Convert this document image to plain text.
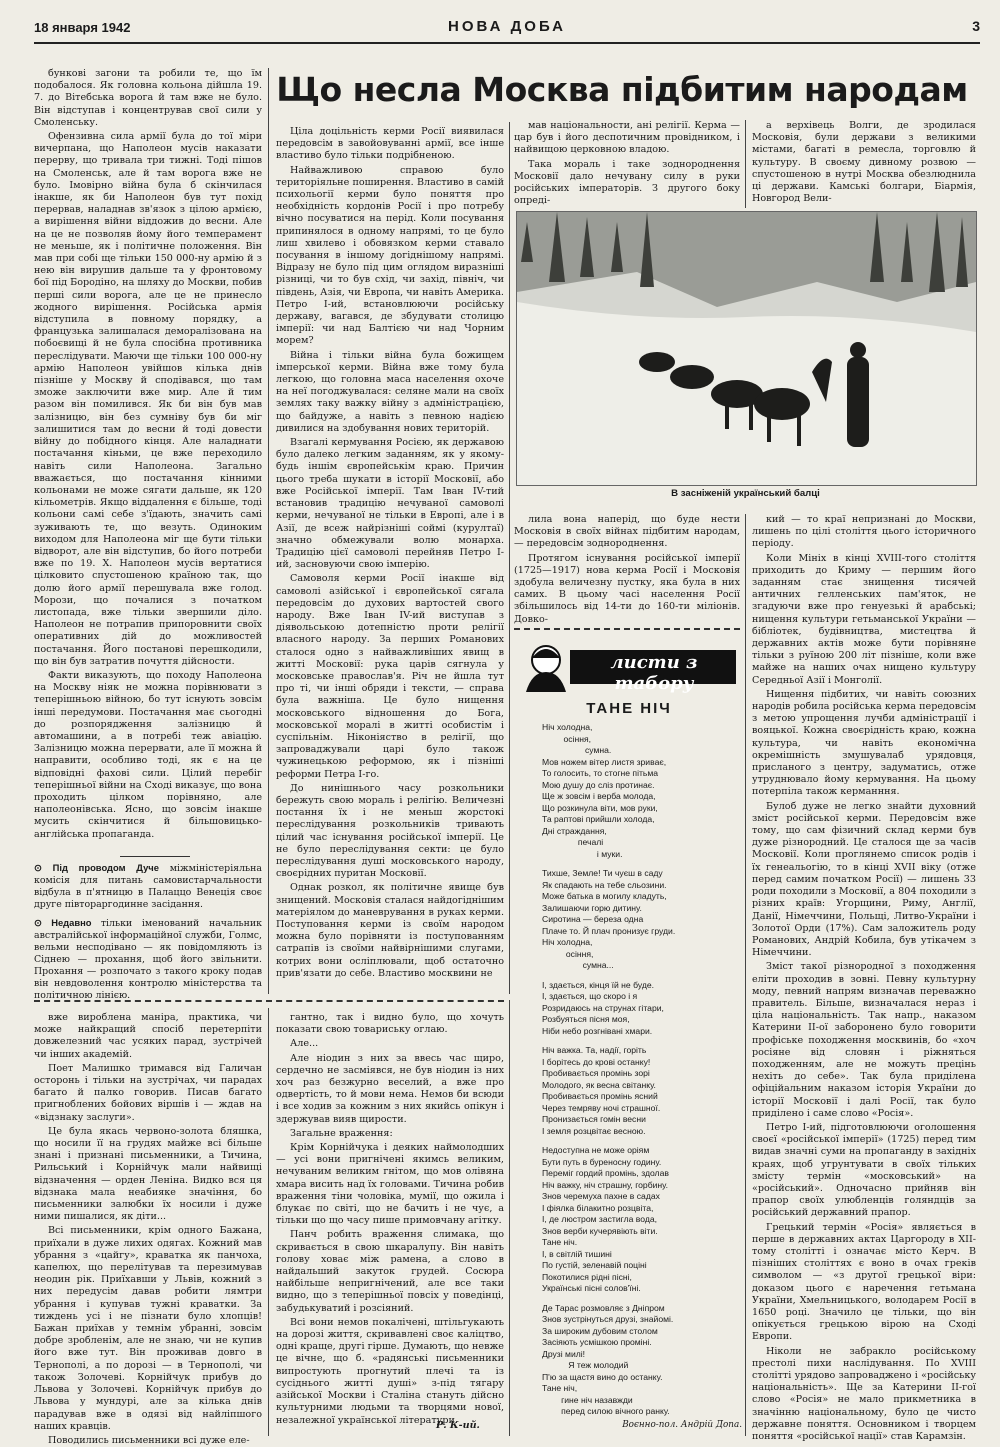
18 января 1942	НОВА ДОБА	3
Що несла Москва підбитим народам

бункові загони та робили те, що їм подобалося. Як головна кольона дійшла 19. 7. до Вітебська ворога й там вже не було. Він відступав і концентрував свої сили у Смоленську.

Офензивна сила армії була до тої міри вичерпана, що Наполеон мусів наказати перерву, що тривала три тижні. Тоді пішов на Смоленськ, але й там ворога вже не було. Імовірно війна була б скінчилася інакше, як би Наполеон був тут похід перервав, наладнав зв'язок з цілою армією, а вирішення війни віддожив до весни. Але на це не позволяв йому його темперамент не меньше, як і політичне положення. Він мав при собі ще тільки 150 000-ну армію й з нею він вирушив дальше та у фронтовому бої під Бородіно, на шляху до Москви, побив перші сили ворога, але це не принесло жодного вирішення. Російська армія відступила в повному порядку, а французька залишалася деморалізована на побоєвищі й не була спосібна противника переслідувати. Маючи ще тільки 100 000-ну армію Наполеон увійшов кілька днів пізніше у Москву й сподівався, що там зможе заключити вже мир. Але й тим разом він помилився. Як би він був мав залізницю, він без сумніву був би міг залишитися там до весни й тоді довести війну до побідного кінця. Але наладнати постачання кіньми, це вже переходило навіть сили Наполеона. Загально вважається, що постачання кінними кольонами не може сягати дальше, як 120 кільометрів. Якщо віддалення є більше, тоді кольони самі себе з'їдають, значить самі зуживають те, що везуть. Одиноким виходом для Наполеона міг ще бути тільки відворот, але він відступив, бо його потреби вже по 19. Х. Наполеон мусів вертатися цілковито спустошеною країною так, що долю його армії перешувала вже голод. Морози, що почалися з початком листопада, вже тільки звершили діло. Наполеон не потрапив припоровнити своїх оперативних дій до можливостей постачання. Його постанові перешкодили, що він був затратив почуття дійсности.

Факти виказують, що походу Наполеона на Москву ніяк не можна порівнювати з теперішньою війною, бо тут існують зовсім інші передумови. Постачання має сьогодні до розпорядження залізницю й автомашини, а в потребі теж авіацію. Залізницю можна перервати, але її можна й направити, особливо тоді, як є на це відповідні фахові сили. Цілий перебіг теперішньої війни на Сході виказує, що вона проходить цілком порівняно, але наполеонівська. Ясно, що зовсім інакше мусить скінчитися й більшовицько-англійська пропаганда.

⊙ Під проводом Дуче міжміністеріяльна комісія для питань самовистарчальности відбула в п'ятницю в Палаццо Венеція своє друге півтораргодинне засідання.
⊙ Недавно тільки іменований начальник австралійської інформаційної служби, Голмс, вельми несподівано — як повідомляють із Сіднею — прохання, щоб його звільнити. Прохання — розпочато з такого кроку подав він невдоволення контролю міністерства та політичною лінією.

Ціла доцільність керми Росії виявилася передовсім в завойовуванні армії, все інше властиво було тільки подрібненою.

Найважливою справою було територіяльне поширення. Властиво в самій психольогії керми було поняття про необхідність кордонів Росії і про потребу вічно посуватися на перід. Коли посування припинялося в одному напрямі, то це було лиш хвилево і обовязком керми ставало посування в іншому догіднішому напрямі. Відразу не було під цим оглядом виразніші різниці, чи то був схід, чи захід, північ, чи південь, Азія, чи Европа, чи навіть Америка. Петро І-ий, встановлюючи російську державу, вагався, де збудувати столицю імперії: чи над Балтією чи над Чорним морем?

Війна і тільки війна була божищем імперської керми. Війна вже тому була легкою, що головна маса населення охоче на неї погоджувалася: селяне мали на своїх землях таку важку війну з адміністрацією, що байдуже, а навіть з певною надією дивилися на здобування нових територій.

Взагалі кермування Росією, як державою було далеко легким заданням, як у якому-будь іншім європейськім краю. Причин цього треба шукати в історії Московії, або вже Російської імперії. Там Іван IV-тий встановив традицію нечуваної самоволі керми, нечуваної не тільки в Европі, але і в Азії, де всеж найрізніші соймі (курултаї) значно обмежували волю монарха. Традицію цієї самоволі перейняв Петро І-ий, засновуючи свою імперію.

Самоволя керми Росії інакше від самоволі азійської і європейської сягала передовсім до духових вартостей свого народу. Вже Іван IV-ий виступав з діявольською дотепністю проти релігії власного народу. За перших Романових сталося одно з найважливіших явищ в житті Московії: рука царів сягнула у московське православ'я. Річ не йшла тут про ті, чи інші обряди і тексти, — справа була важніша. Це було нищення московського відношення до Бога, московської моралі в житті особистім і суспільнім. Ніконіяство в релігії, що запроваджували царі було також чужинецькою реформою, як і пізніші реформи Петра І-го.

До нинішнього часу розкольники бережуть свою мораль і релігію. Величезні постання їх і не меньш жорстокі переслідування розкольників тривають цілий час існування російської імперії. Це не було переслідування секти: це було переслідування душі московського народу, своєрідних пуритан Московії.

Однак розкол, як політичне явище був знищений. Московія сталася найдогіднішим матеріялом до маневрування в руках керми. Поступовання керми із своїм народом можна було порівняти із поступованням сатрапів із своїми найвірнішими слугами, котрих вони осліплювали, щоб остаточно прив'язати до себе. Властиво москвини не

мав національности, ані релігії. Керма — цар був і його деспотичним провідником, і найвищою церковною владою.

Така мораль і таке зоднороднення Московії дало нечувану силу в руки російських імператорів. З другого боку опреді-

а верхівець Волги, де зродилася Московія, були держави з великими містами, багаті в ремесла, торговлю й культуру. В своєму дивному розвою — спустошеною в нутрі Москва обезлюднила ці держави. Камські болгари, Біармія, Новгород Вели-

В засніженій український балці

лила вона наперід, що буде нести Московія в своїх війнах підбитим народам, — передовсім зоднороднення.

Протягом існування російської імперії (1725—1917) нова керма Росії і Московія здобула величезну пустку, яка була в них самих. В цьому часі населення Росії збільшилось від 14-ти до 160-ти міліонів. Довко-

кий — то краї непризнані до Москви, лишень по цілі століття цього історичного періоду.

Коли Мініх в кінці XVIII-того століття приходить до Криму — першим його заданням стає знищення тисячей античних гелленських пам'яток, не згадуючи вже про генуезькі й арабські; нищення культури гетьманської України — бібліотек, будівництва, мистецтва й державних актів може бути порівняне тільки з руїною 200 літ пізніше, коли вже майже на наших очах нищено культуру Середньої Азії і Монголії.

Нищення підбитих, чи навіть союзних народів робила російська керма передовсім з метою упрощення лучби адміністрації і вояцької. Кожна своєрідність краю, кожна культура, чи навіть економічна окремішність змушувалаб урядовця, присланого з центру, задуматись, отже утруднювало йому кермування. На цьому потерпіла також керманння.

Булоб дуже не легко знайти духовний зміст російської керми. Передовсім вже тому, що сам фізичний склад керми був дуже різнородний. Це сталося ще за часів Московії. Коли проглянемо список родів і їх генеальогію, то в кінці XVII віку (отже перед самим початком Росії) — лишень 33 роди походили з Московії, а 804 походили з різних країв: Угорщини, Риму, Англії, Данії, Німеччини, Польщі, Литво-України і Золотої Орди (17%). Сам заложитель роду Романових, Андрій Кобила, був утікачем з Німеччини.

Зміст такої різнородної з походження еліти проходив в зовні. Певну культурну моду, певний напрям визначав переважно правитель. Більше, визначалася нераз і ціла національність. Так напр., наказом Катерини ІІ-ої заборонено було говорити профіське походження москвинів, бо «хоч росіяне від словян і ріжняться походженням, але не можуть прецінь нехіть до себе». Так була приділена офіційальним наказом історія України до історії Московії і далі Росії, так було приділено і саме слово «Росія».

Петро І-ий, підготовлюючи оголошення своєї «російської імперії» (1725) перед тим видав значні суми на пропаганду в західніх краях, щоб угрунтувати в своїх тільких змісту термін «московський» на «російський». Одночасно прийняв він прапор своїх улюбленців голяндців за російський державний прапор.

Грецький термін «Росія» являється в перше в державних актах Царгороду в XII-тому столітті і означає місто Керч. В пізніших століттях є воно в очах греків символом — «з другої грецької віри: доказом цього є наречення гетьмана України, Хмельницького, володарем Росії в 1650 році. Значило це тільки, що він опікується грецькою вірою на Сході Европи.

Ніколи не забракло російському престолі пихи наслідування. По XVIII столітті урядово запроваджено і «російську національність». Ще за Катерини ІІ-гої слово «Росія» не мало прикметника в значінню національному, було це чисто державне поняття. Основником і творцем поняття «російської нації» став Карамзін.

листи з табору
ТАНЕ НІЧ
Ніч холодна,
осіння,
сумна.
Мов ножем вітер листя зриває,
То голосить, то стогне пітьма
Мою душу до сліз протинає.
Ще ж зовсім і верба молода,
Що розкинула віти, мов руки,
Та раптові прийшли холода,
Дні страждання,
печалі
і муки.
Тихше, Земле! Ти чуєш в саду
Як спадають на тебе сльозини.
Може батька в могилу кладуть,
Залишаючи горю дитину.
Сиротина — береза одна
Плаче то. Й плач пронизує груди.
Ніч холодна,
осіння,
сумна...
І, здається, кінця їй не буде.
І, здається, що скоро і я
Розридаюсь на струнах гітари,
Розбуяться пісня моя,
Ніби небо розгнівані хмари.
Ніч важка. Та, надії, горіть
І борітесь до крові останку!
Пробивається промінь зорі
Молодого, як весна світанку.
Пробивається промінь ясний
Через темряву ночі страшної.
Пронизається гомін весни
І земля розцвітає весною.
Недоступна не може оріям
Бути путь в буреносну годину.
Переміг гордий промінь, здолав
Ніч важку, ніч страшну, горбину.
Знов черемуха пахне в садах
І фіялка білакитно розцвіта,
І, де люстром застигла вода,
Знов верби кучерявіють віти.
Тане ніч.
І, в світлій тишині
По густій, зеленавій поціні
Покотилися рідні пісні,
Українські пісні солов'їні.
Де Тарас розмовляє з Дніпром
Знов зустрінуться друзі, знайомі.
За широким дубовим столом
Засіяють усмішкою проміні.
Друзі милі!
Я теж молодий
П'ю за щастя вино до останку.
Тане ніч,
гине ніч назавжди
перед силою вічного ранку.
Воєнно-пол. Андрій Допа.

вже вироблена манірa, практика, чи може найкращий спосіб перетерпіти довжелезний час усяких парад, зустрічей чи інших академій.

Поет Малишко тримався від Галичан осторонь і тільки на зустрічах, чи парадах багато й палко говорив. Писав багато пригноблених бойових віршів і — ждав на «відзнаку заслуги».

Це була якась червоно-золота бляшка, що носили її на грудях майже всі більше знані і признані письменники, а Тичина, Рильський і Корнійчук мали найвищі відзначення — орден Леніна. Видко вся ця відзнака мала неабияке значіння, бо письменники залюбки їх носили і дуже ними пишалися, як діти...

Всі письменники, крім одного Бажана, приїхали в дуже лихих одягах. Кожний мав убрання з «цайгу», краватка як панчоха, капелюх, що перелітував та перезимував неодин рік. Приїхавши у Львів, кожний з них передусім давав робити лямтри убрання і купував тужні краватки. За тиждень усі і не пізнати було хлопців! Бажан приїхав у темнім убранні, зовсім добре зробленім, але не знаю, чи не купив його вже тут. Він проживав довго в Тернополі, а по дорозі — в Тернополі, чи також Золочеві. Корнійчук прибув до Львова у Золочеві. Корнійчук прибув до Львова у мундурі, але за кілька днів парадував вже в одязі від найліпшого наших кравців.

Поводились письменники всі дуже еле-

гантно, так і видно було, що хочуть показати свою товариську оглаю.

Але...

Але ніодин з них за ввесь час щиро, сердечно не засміявся, не був ніодин із них хоч раз безжурно веселий, а вже про одвертість, то й мови нема. Немов би всюди і все ходив за кожним з них якийсь опікун і здержував вияв щирости.

Загальне враження:

Крім Корнійчука і деяких наймолодших — усі вони пригнічені якимсь великим, нечуваним великим гнітом, що мов олівяна хмара висить над їх головами. Тичина робив враження тіни чоловіка, мумії, що ожила і блукає по світі, що не бачить і не чує, а тільки що що часу пише примовчану агітку.

Панч робить враження слимака, що скривається в свою шкаралупу. Він навіть голову ховає між рамена, а слово в найдальший закуток грудей. Сосюра найбільше непригнічений, але все таки видно, що з теперішньої повсіх у поведінці, забудькуватий і розсіяний.

Всі вони немов покалічені, штільгукають на дорозі життя, скривавлені своє каліцтво, одні краще, другі гірше. Думають, що невже це вічне, що б. «радянські письменники випростують прогнутий плечі та із сусіднього житті душі» з-під тягару азійської Москви і Сталіна стануть дійсно культурними людьми та творцями нової, незалежної української літератури.

Р. К-ий.
